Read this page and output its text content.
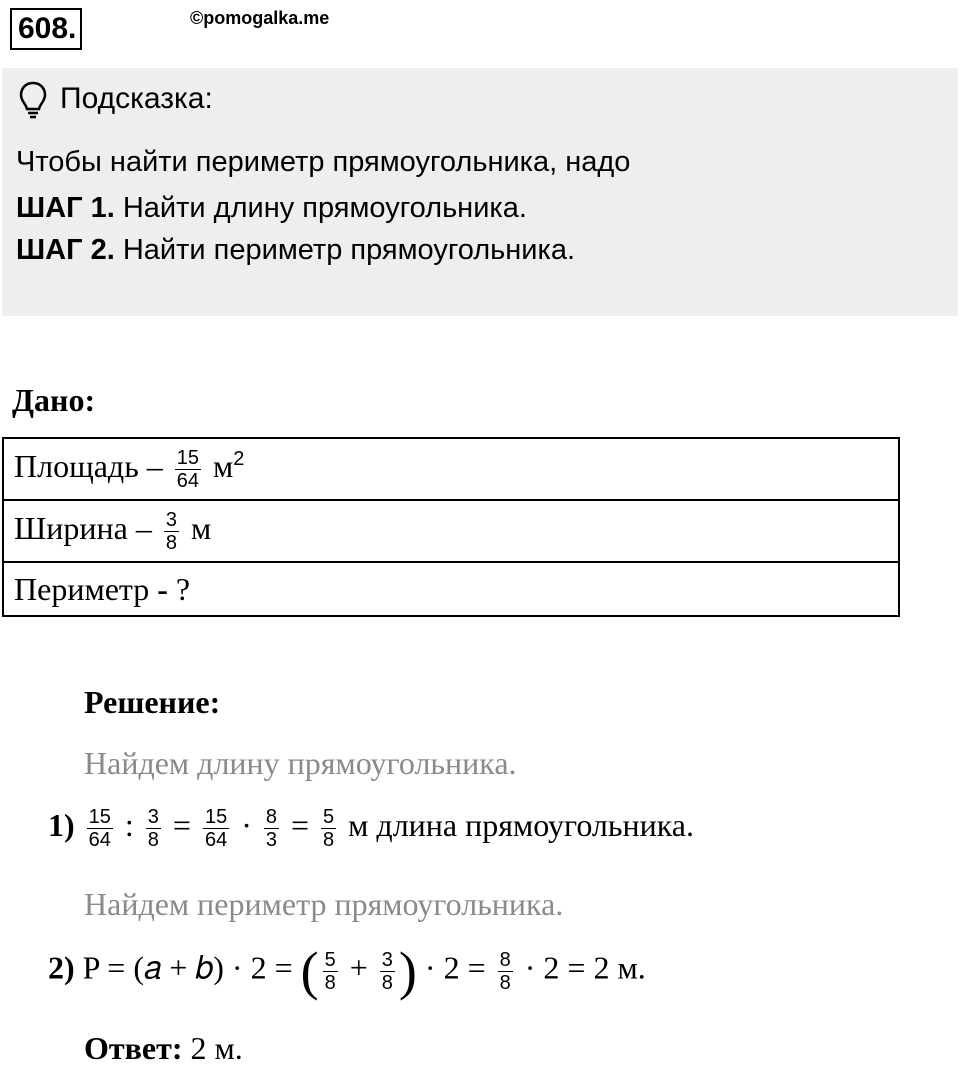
608.	©pomogalka.me
Подсказка:
Чтобы найти периметр прямоугольника, надо
ШАГ 1. Найти длину прямоугольника.
ШАГ 2. Найти периметр прямоугольника.
Дано:
Площадь – $\frac{15}{64} м^2$
Ширина – $\frac{3}{8}$ м
Периметр - ?
Решение:
Найдем длину прямоугольника.
$1) \frac{15}{64}$ : $\frac{3}{8} = \frac{15}{64} \cdot \frac{8}{3} = \frac{5}{8}$ м длина прямоугольника.
Найдем периметр прямоугольника.
2) P = (𝑎 + 𝑏) · 2 = ( $\frac{5}{8} + \frac{3}{8}$ ) · $2 = \frac{8}{8} \cdot 2 = 2$ м.
Ответ: 2 м.
